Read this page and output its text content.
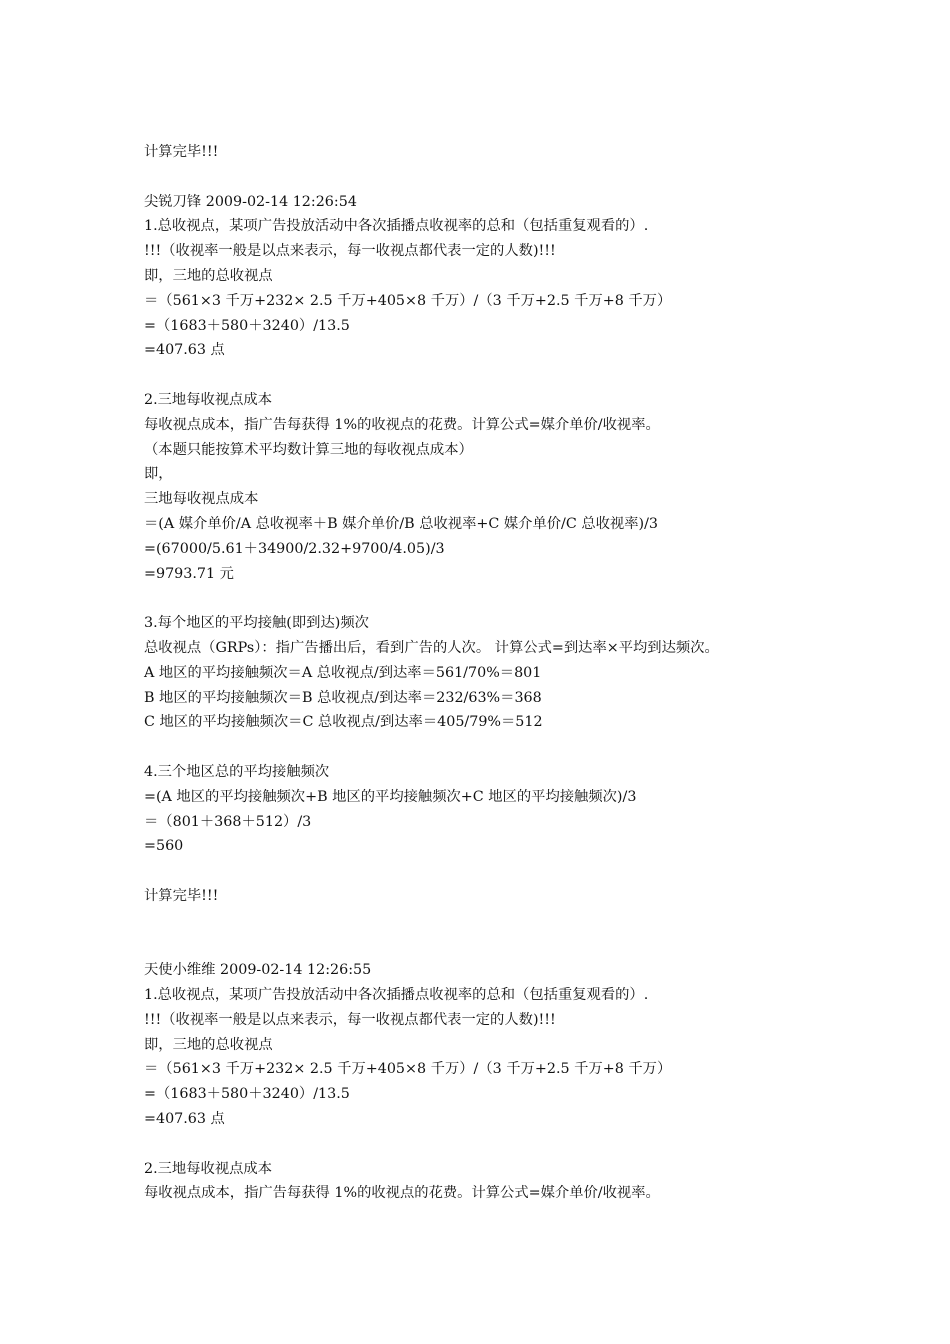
计算完毕!!!
尖锐刀锋 2009-02-14 12:26:54
1.总收视点，某项广告投放活动中各次插播点收视率的总和（包括重复观看的）.
!!!（收视率一般是以点来表示，每一收视点都代表一定的人数)!!!
即，三地的总收视点
＝（561×3 千万+232× 2.5 千万+405×8 千万）/（3 千万+2.5 千万+8 千万）
=（1683＋580＋3240）/13.5
=407.63 点
2.三地每收视点成本
每收视点成本，指广告每获得 1%的收视点的花费。计算公式=媒介单价/收视率。
（本题只能按算术平均数计算三地的每收视点成本）
即，
三地每收视点成本
＝(A 媒介单价/A 总收视率＋B 媒介单价/B 总收视率+C 媒介单价/C 总收视率)/3
=(67000/5.61＋34900/2.32+9700/4.05)/3
=9793.71 元
3.每个地区的平均接触(即到达)频次
总收视点（GRPs）：指广告播出后，看到广告的人次。 计算公式=到达率×平均到达频次。
A 地区的平均接触频次＝A 总收视点/到达率＝561/70%＝801
B 地区的平均接触频次＝B 总收视点/到达率＝232/63%＝368
C 地区的平均接触频次＝C 总收视点/到达率＝405/79%＝512
4.三个地区总的平均接触频次
=(A 地区的平均接触频次+B 地区的平均接触频次+C 地区的平均接触频次)/3
＝（801＋368＋512）/3
=560
计算完毕!!!
天使小维维 2009-02-14 12:26:55
1.总收视点，某项广告投放活动中各次插播点收视率的总和（包括重复观看的）.
!!!（收视率一般是以点来表示，每一收视点都代表一定的人数)!!!
即，三地的总收视点
＝（561×3 千万+232× 2.5 千万+405×8 千万）/（3 千万+2.5 千万+8 千万）
=（1683＋580＋3240）/13.5
=407.63 点
2.三地每收视点成本
每收视点成本，指广告每获得 1%的收视点的花费。计算公式=媒介单价/收视率。
